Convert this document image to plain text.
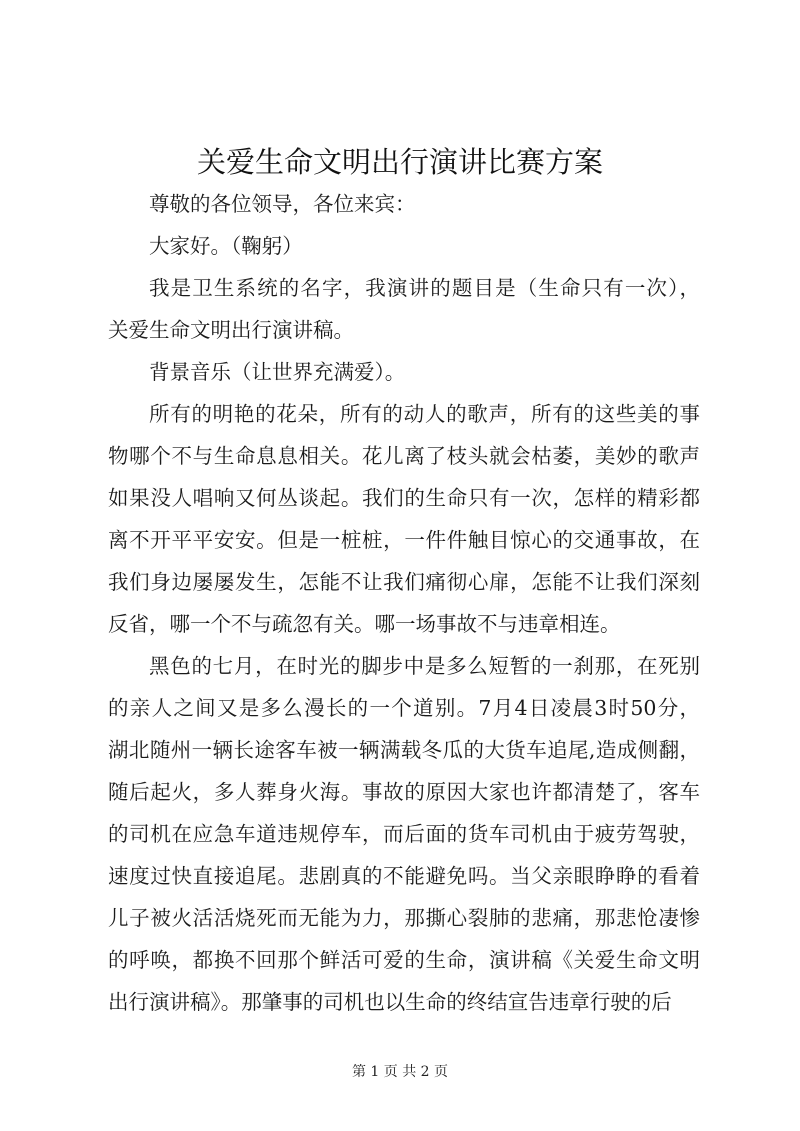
关爱生命文明出行演讲比赛方案
尊敬的各位领导，各位来宾：
大家好。（鞠躬）
我是卫生系统的名字，我演讲的题目是（生命只有一次），
关爱生命文明出行演讲稿。
背景音乐（让世界充满爱）。
所有的明艳的花朵，所有的动人的歌声，所有的这些美的事
物哪个不与生命息息相关。花儿离了枝头就会枯萎，美妙的歌声
如果没人唱响又何丛谈起。我们的生命只有一次，怎样的精彩都
离不开平平安安。但是一桩桩，一件件触目惊心的交通事故，在
我们身边屡屡发生，怎能不让我们痛彻心扉，怎能不让我们深刻
反省，哪一个不与疏忽有关。哪一场事故不与违章相连。
黑色的七月，在时光的脚步中是多么短暂的一刹那，在死别
的亲人之间又是多么漫长的一个道别。7月4日凌晨3时50分，
湖北随州一辆长途客车被一辆满载冬瓜的大货车追尾,造成侧翻，
随后起火，多人葬身火海。事故的原因大家也许都清楚了，客车
的司机在应急车道违规停车，而后面的货车司机由于疲劳驾驶，
速度过快直接追尾。悲剧真的不能避免吗。当父亲眼睁睁的看着
儿子被火活活烧死而无能为力，那撕心裂肺的悲痛，那悲怆凄惨
的呼唤，都换不回那个鲜活可爱的生命，演讲稿《关爱生命文明
出行演讲稿》。那肇事的司机也以生命的终结宣告违章行驶的后
第 1 页 共 2 页
